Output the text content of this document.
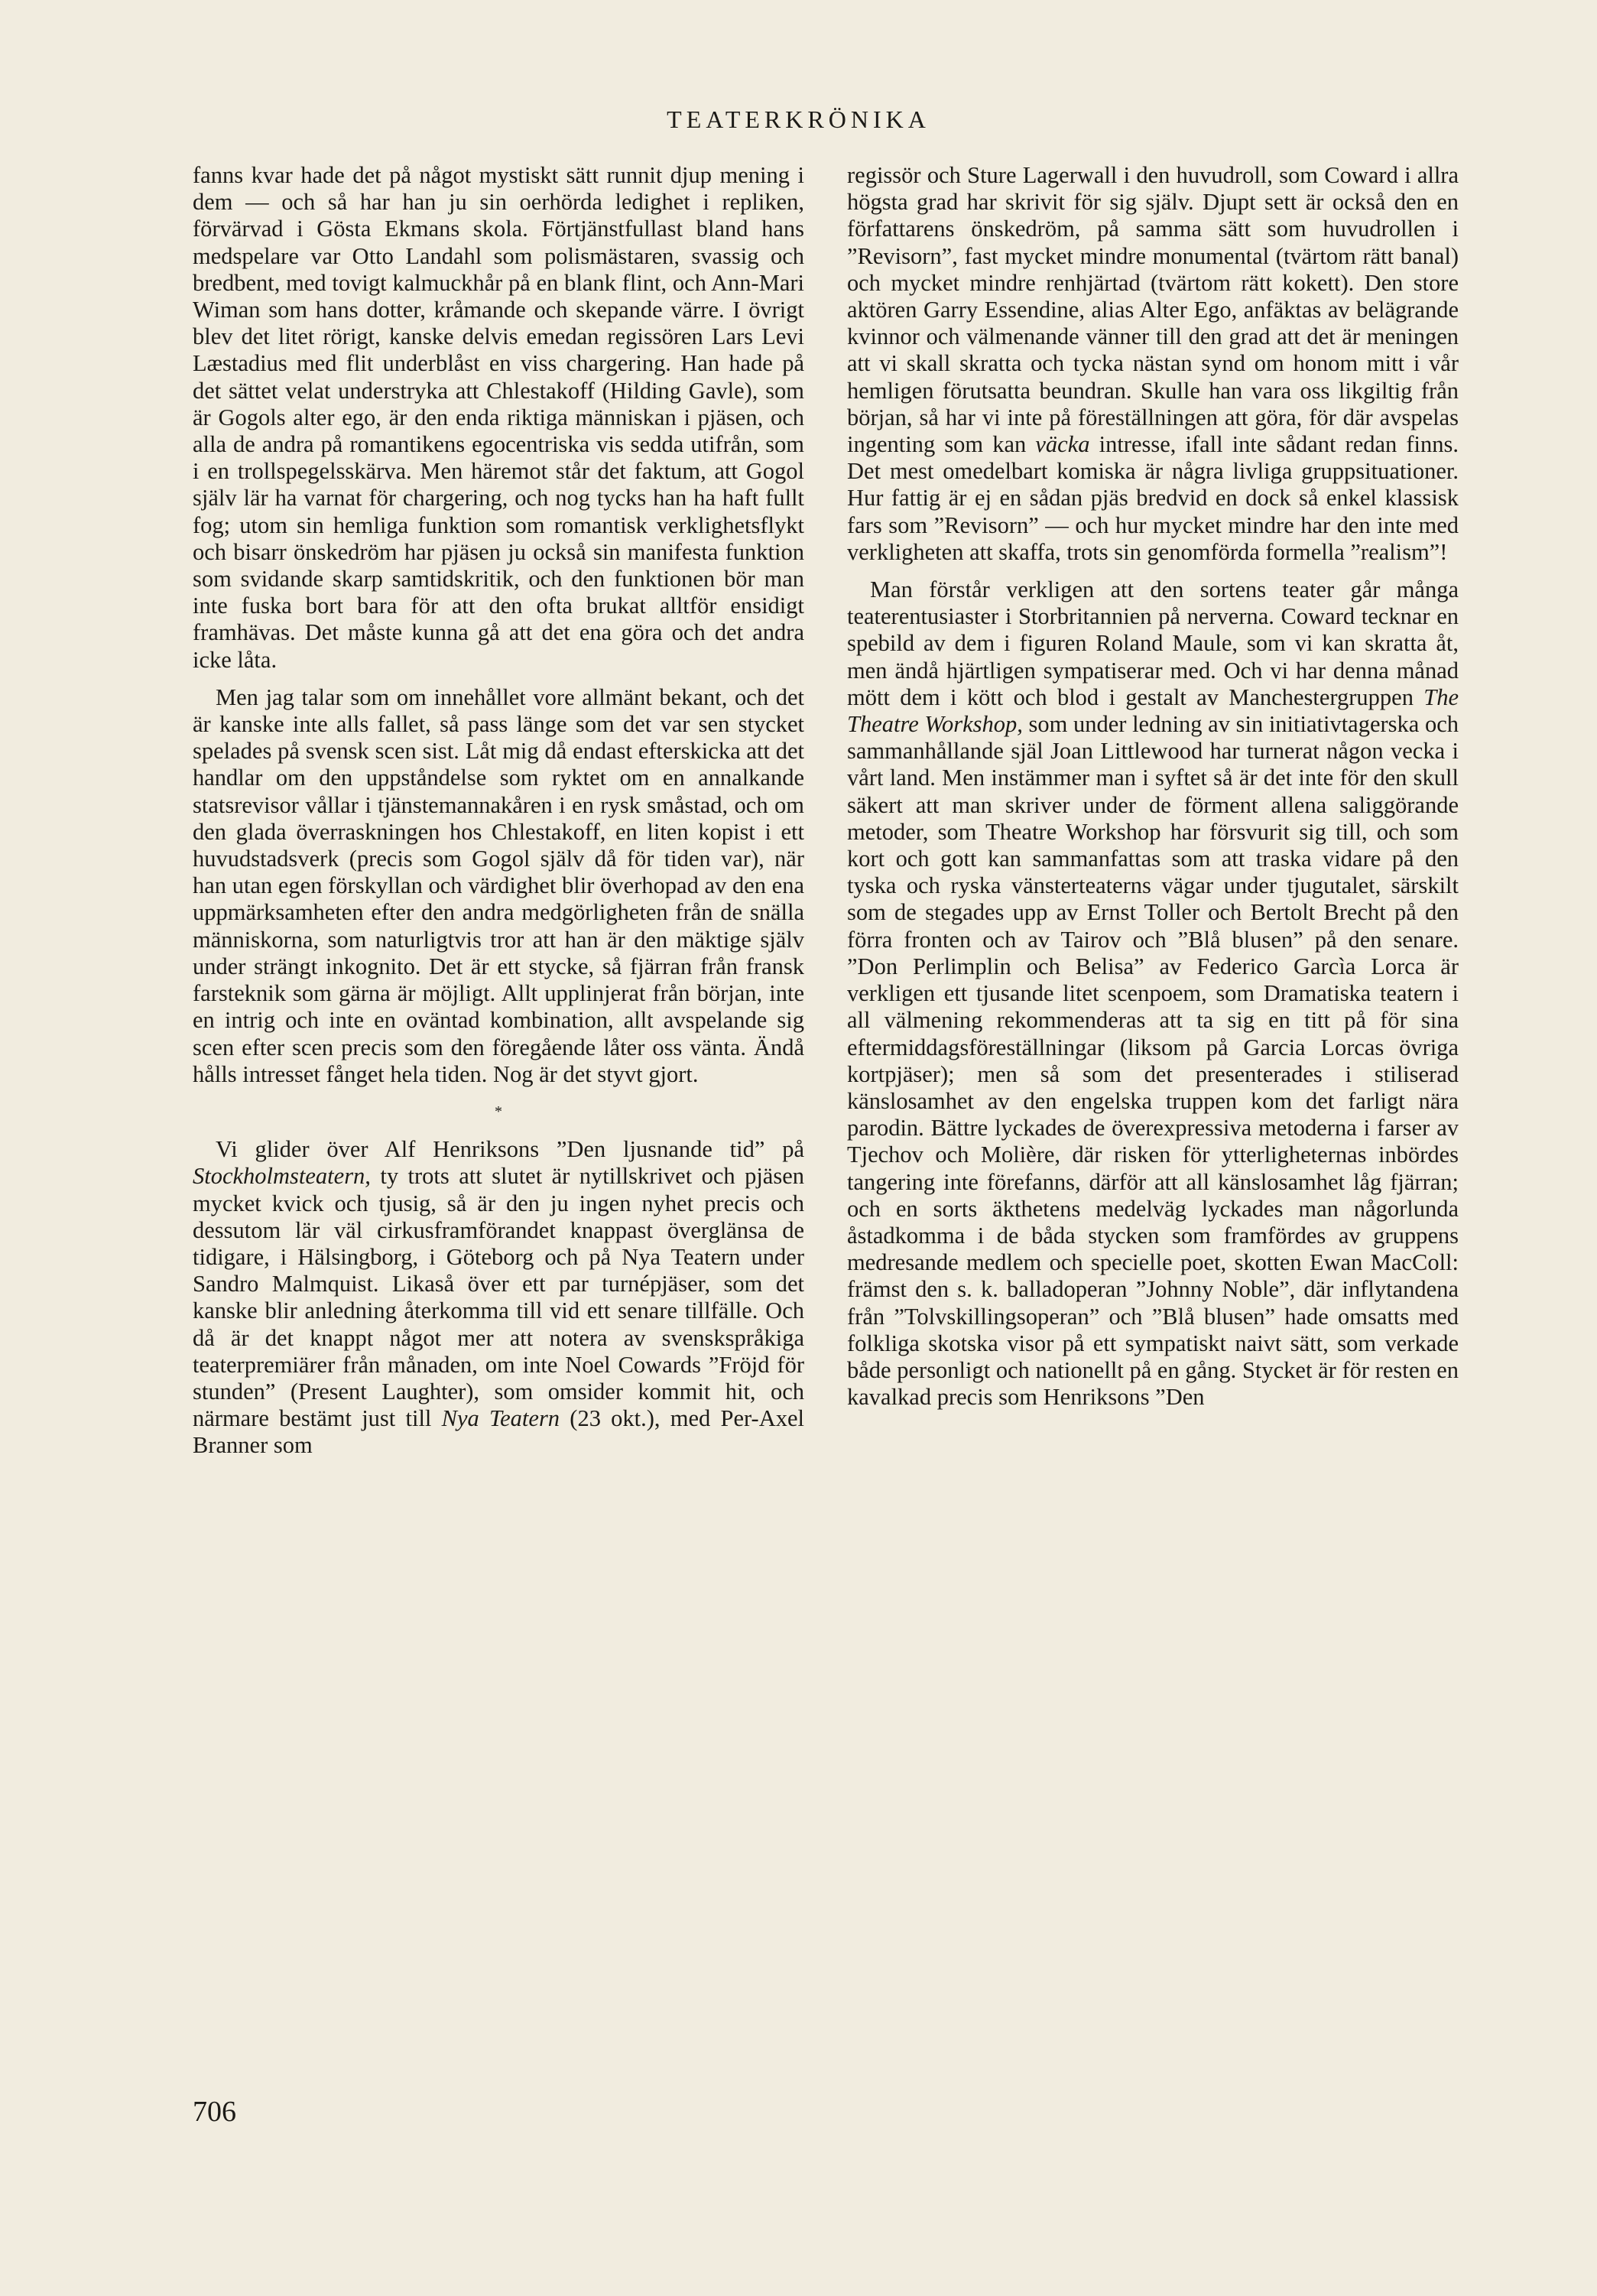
TEATERKRÖNIKA

fanns kvar hade det på något mystiskt sätt runnit djup mening i dem — och så har han ju sin oerhörda ledighet i repliken, förvärvad i Gösta Ekmans skola. Förtjänstfullast bland hans medspelare var Otto Landahl som polismästaren, svassig och bredbent, med tovigt kalmuckhår på en blank flint, och Ann-Mari Wiman som hans dotter, kråmande och skepande värre. I övrigt blev det litet rörigt, kanske delvis emedan regissören Lars Levi Læstadius med flit underblåst en viss chargering. Han hade på det sättet velat understryka att Chlestakoff (Hilding Gavle), som är Gogols alter ego, är den enda riktiga människan i pjäsen, och alla de andra på romantikens egocentriska vis sedda utifrån, som i en trollspegelsskärva. Men häremot står det faktum, att Gogol själv lär ha varnat för chargering, och nog tycks han ha haft fullt fog; utom sin hemliga funktion som romantisk verklighetsflykt och bisarr önskedröm har pjäsen ju också sin manifesta funktion som svidande skarp samtidskritik, och den funktionen bör man inte fuska bort bara för att den ofta brukat alltför ensidigt framhävas. Det måste kunna gå att det ena göra och det andra icke låta.

Men jag talar som om innehållet vore allmänt bekant, och det är kanske inte alls fallet, så pass länge som det var sen stycket spelades på svensk scen sist. Låt mig då endast efterskicka att det handlar om den uppståndelse som ryktet om en annalkande statsrevisor vållar i tjänstemannakåren i en rysk småstad, och om den glada överraskningen hos Chlestakoff, en liten kopist i ett huvudstadsverk (precis som Gogol själv då för tiden var), när han utan egen förskyllan och värdighet blir överhopad av den ena uppmärksamheten efter den andra medgörligheten från de snälla människorna, som naturligtvis tror att han är den mäktige själv under strängt inkognito. Det är ett stycke, så fjärran från fransk farsteknik som gärna är möjligt. Allt upplinjerat från början, inte en intrig och inte en oväntad kombination, allt avspelande sig scen efter scen precis som den föregående låter oss vänta. Ändå hålls intresset fånget hela tiden. Nog är det styvt gjort.

*

Vi glider över Alf Henriksons ”Den ljusnande tid” på Stockholmsteatern, ty trots att slutet är nytillskrivet och pjäsen mycket kvick och tjusig, så är den ju ingen nyhet precis och dessutom lär väl cirkusframförandet knappast överglänsa de tidigare, i Hälsingborg, i Göteborg och på Nya Teatern under Sandro Malmquist. Likaså över ett par turnépjäser, som det kanske blir anledning återkomma till vid ett senare tillfälle. Och då är det knappt något mer att notera av svenskspråkiga teaterpremiärer från månaden, om inte Noel Cowards ”Fröjd för stunden” (Present Laughter), som omsider kommit hit, och närmare bestämt just till Nya Teatern (23 okt.), med Per-Axel Branner som

regissör och Sture Lagerwall i den huvudroll, som Coward i allra högsta grad har skrivit för sig själv. Djupt sett är också den en författarens önskedröm, på samma sätt som huvudrollen i ”Revisorn”, fast mycket mindre monumental (tvärtom rätt banal) och mycket mindre renhjärtad (tvärtom rätt kokett). Den store aktören Garry Essendine, alias Alter Ego, anfäktas av belägrande kvinnor och välmenande vänner till den grad att det är meningen att vi skall skratta och tycka nästan synd om honom mitt i vår hemligen förutsatta beundran. Skulle han vara oss likgiltig från början, så har vi inte på föreställningen att göra, för där avspelas ingenting som kan väcka intresse, ifall inte sådant redan finns. Det mest omedelbart komiska är några livliga gruppsituationer. Hur fattig är ej en sådan pjäs bredvid en dock så enkel klassisk fars som ”Revisorn” — och hur mycket mindre har den inte med verkligheten att skaffa, trots sin genomförda formella ”realism”!

Man förstår verkligen att den sortens teater går många teaterentusiaster i Storbritannien på nerverna. Coward tecknar en spebild av dem i figuren Roland Maule, som vi kan skratta åt, men ändå hjärtligen sympatiserar med. Och vi har denna månad mött dem i kött och blod i gestalt av Manchestergruppen The Theatre Workshop, som under ledning av sin initiativtagerska och sammanhållande själ Joan Littlewood har turnerat någon vecka i vårt land. Men instämmer man i syftet så är det inte för den skull säkert att man skriver under de förment allena saliggörande metoder, som Theatre Workshop har försvurit sig till, och som kort och gott kan sammanfattas som att traska vidare på den tyska och ryska vänsterteaterns vägar under tjugutalet, särskilt som de stegades upp av Ernst Toller och Bertolt Brecht på den förra fronten och av Tairov och ”Blå blusen” på den senare. ”Don Perlimplin och Belisa” av Federico Garcìa Lorca är verkligen ett tjusande litet scenpoem, som Dramatiska teatern i all välmening rekommenderas att ta sig en titt på för sina eftermiddagsföreställningar (liksom på Garcia Lorcas övriga kortpjäser); men så som det presenterades i stiliserad känslosamhet av den engelska truppen kom det farligt nära parodin. Bättre lyckades de överexpressiva metoderna i farser av Tjechov och Molière, där risken för ytterligheternas inbördes tangering inte förefanns, därför att all känslosamhet låg fjärran; och en sorts äkthetens medelväg lyckades man någorlunda åstadkomma i de båda stycken som framfördes av gruppens medresande medlem och specielle poet, skotten Ewan MacColl: främst den s. k. balladoperan ”Johnny Noble”, där inflytandena från ”Tolvskillingsoperan” och ”Blå blusen” hade omsatts med folkliga skotska visor på ett sympatiskt naivt sätt, som verkade både personligt och nationellt på en gång. Stycket är för resten en kavalkad precis som Henriksons ”Den

706
